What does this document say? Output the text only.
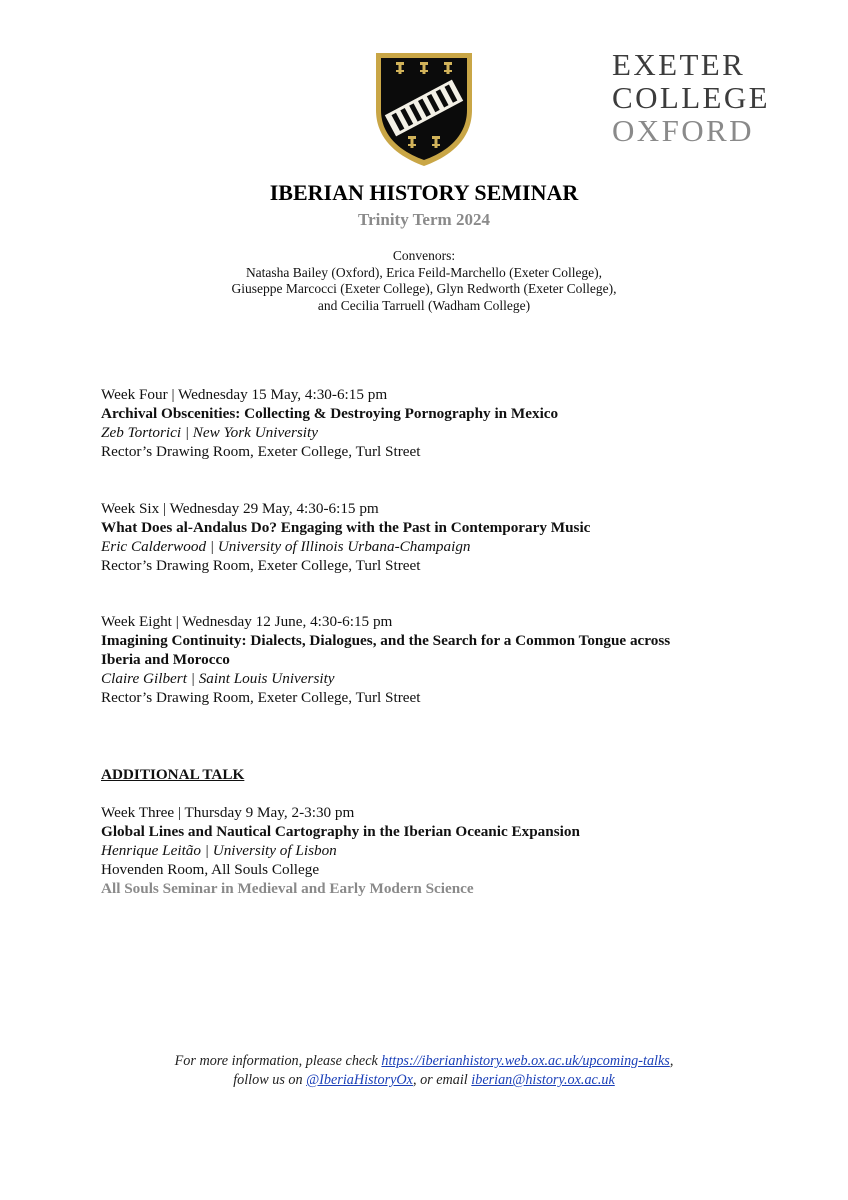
EXETER
COLLEGE
OXFORD
IBERIAN HISTORY SEMINAR
Trinity Term 2024
Convenors:
Natasha Bailey (Oxford), Erica Feild-Marchello (Exeter College),
Giuseppe Marcocci (Exeter College), Glyn Redworth (Exeter College),
and Cecilia Tarruell (Wadham College)
Week Four | Wednesday 15 May, 4:30-6:15 pm
Archival Obscenities: Collecting & Destroying Pornography in Mexico
Zeb Tortorici | New York University
Rector’s Drawing Room, Exeter College, Turl Street
Week Six | Wednesday 29 May, 4:30-6:15 pm
What Does al-Andalus Do? Engaging with the Past in Contemporary Music
Eric Calderwood | University of Illinois Urbana-Champaign
Rector’s Drawing Room, Exeter College, Turl Street
Week Eight | Wednesday 12 June, 4:30-6:15 pm
Imagining Continuity: Dialects, Dialogues, and the Search for a Common Tongue across
Iberia and Morocco
Claire Gilbert | Saint Louis University
Rector’s Drawing Room, Exeter College, Turl Street
ADDITIONAL TALK
Week Three | Thursday 9 May, 2-3:30 pm
Global Lines and Nautical Cartography in the Iberian Oceanic Expansion
Henrique Leitão | University of Lisbon
Hovenden Room, All Souls College
All Souls Seminar in Medieval and Early Modern Science
For more information, please check https://iberianhistory.web.ox.ac.uk/upcoming-talks,
follow us on @IberiaHistoryOx, or email iberian@history.ox.ac.uk
